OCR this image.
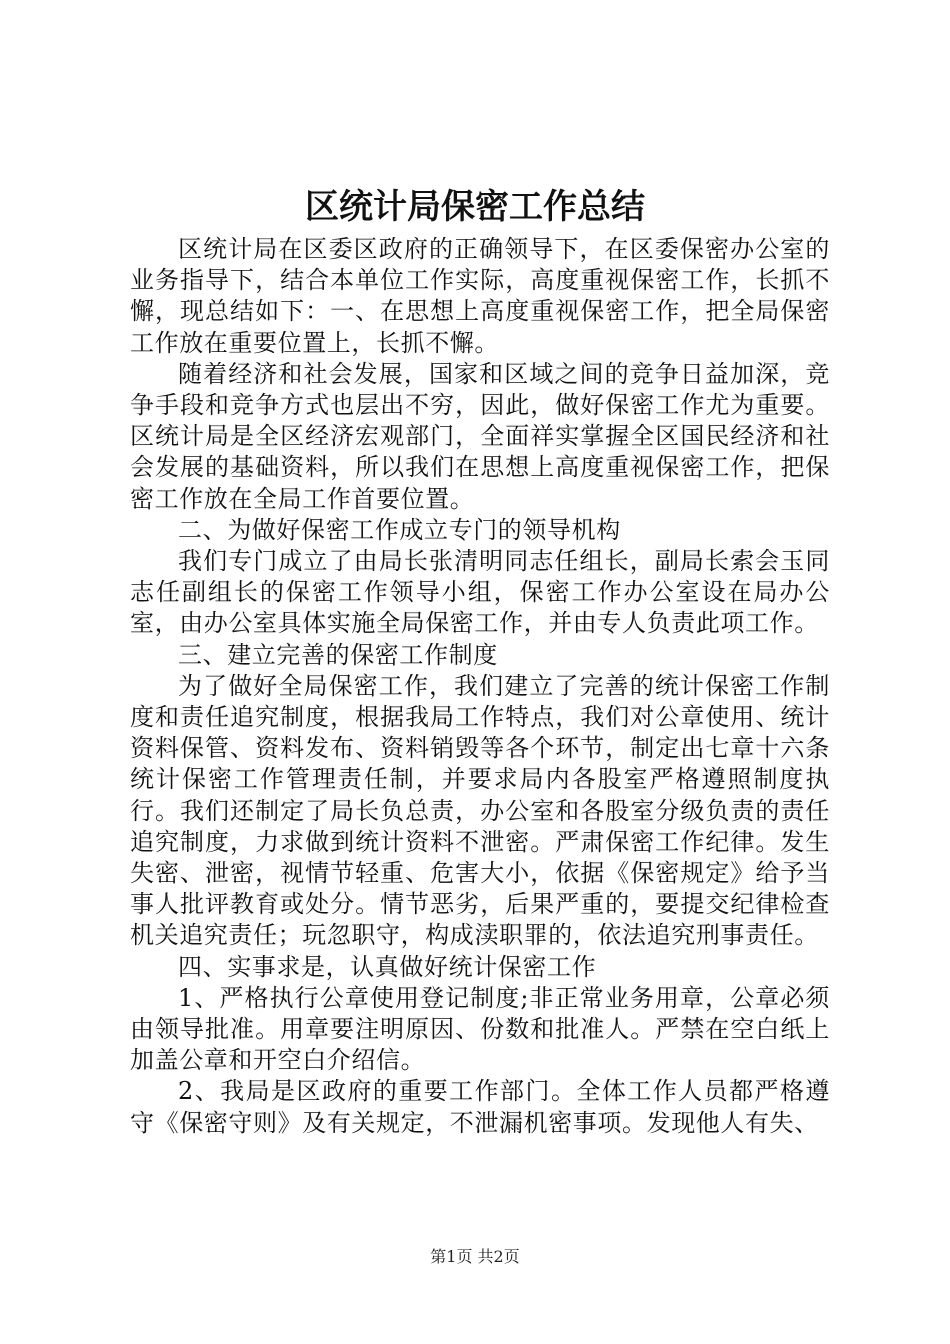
区统计局保密工作总结

区统计局在区委区政府的正确领导下，在区委保密办公室的业务指导下，结合本单位工作实际，高度重视保密工作，长抓不懈，现总结如下：一、在思想上高度重视保密工作，把全局保密工作放在重要位置上，长抓不懈。

随着经济和社会发展，国家和区域之间的竞争日益加深，竞争手段和竞争方式也层出不穷，因此，做好保密工作尤为重要。区统计局是全区经济宏观部门，全面祥实掌握全区国民经济和社会发展的基础资料，所以我们在思想上高度重视保密工作，把保密工作放在全局工作首要位置。

二、为做好保密工作成立专门的领导机构

我们专门成立了由局长张清明同志任组长，副局长索会玉同志任副组长的保密工作领导小组，保密工作办公室设在局办公室，由办公室具体实施全局保密工作，并由专人负责此项工作。

三、建立完善的保密工作制度

为了做好全局保密工作，我们建立了完善的统计保密工作制度和责任追究制度，根据我局工作特点，我们对公章使用、统计资料保管、资料发布、资料销毁等各个环节，制定出七章十六条统计保密工作管理责任制，并要求局内各股室严格遵照制度执行。我们还制定了局长负总责，办公室和各股室分级负责的责任追究制度，力求做到统计资料不泄密。严肃保密工作纪律。发生失密、泄密，视情节轻重、危害大小，依据《保密规定》给予当事人批评教育或处分。情节恶劣，后果严重的，要提交纪律检查机关追究责任；玩忽职守，构成渎职罪的，依法追究刑事责任。

四、实事求是，认真做好统计保密工作

1、严格执行公章使用登记制度;非正常业务用章，公章必须由领导批准。用章要注明原因、份数和批准人。严禁在空白纸上加盖公章和开空白介绍信。

2、我局是区政府的重要工作部门。全体工作人员都严格遵守《保密守则》及有关规定，不泄漏机密事项。发现他人有失、

第1页 共2页
